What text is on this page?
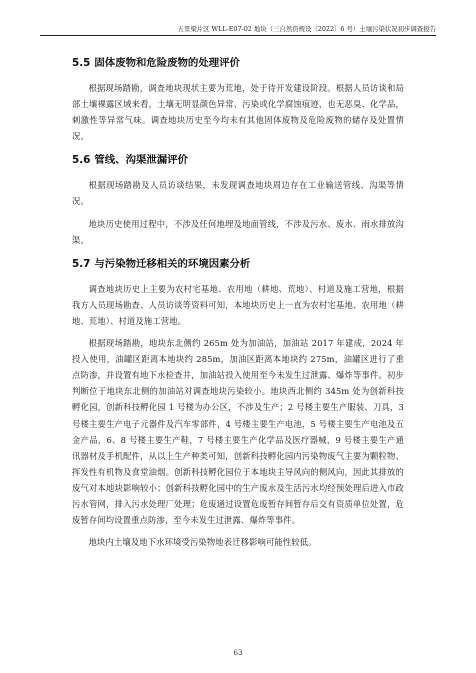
五里梁片区 WLL-E07-02 地块（三自然资规设〔2022〕6 号）土壤污染状况初步调查报告
5.5 固体废物和危险废物的处理评价

根据现场踏勘，调查地块现状主要为荒地，处于待开发建设阶段。根据人员访谈和局部土壤裸露区域来看，土壤无明显颜色异常、污染或化学腐蚀痕迹，也无恶臭、化学品，刺激性等异常气味。调查地块历史至今均未有其他固体废物及危险废物的储存及处置情况。

5.6 管线、沟渠泄漏评价

根据现场踏勘及人员访谈结果，未发现调查地块周边存在工业输送管线、沟渠等情况。

地块历史使用过程中，不涉及任何地埋及地面管线，不涉及污水、废水、雨水排放沟渠。

5.7 与污染物迁移相关的环境因素分析

调查地块历史上主要为农村宅基地、农用地（耕地、荒地）、村道及施工营地，根据我方人员现场勘查、人员访谈等资料可知，本地块历史上一直为农村宅基地、农用地（耕地、荒地）、村道及施工营地。

根据现场踏勘，地块东北侧约 265m 处为加油站，加油站 2017 年建成，2024 年投入使用，油罐区距离本地块约 285m，加油区距离本地块约 275m，油罐区进行了重点防渗，并设置有地下水检查井，加油站投入使用至今未发生过泄露、爆炸等事件。初步判断位于地块东北侧的加油站对调查地块污染较小。地块西北侧约 345m 处为创新科技孵化园，创新科技孵化园 1 号楼为办公区，不涉及生产；2 号楼主要生产服装、刀具，3 号楼主要生产电子元器件及汽车零部件，4 号楼主要生产电池，5 号楼主要生产电池及五金产品，6、8 号楼主要生产鞋，7 号楼主要生产化学品及医疗器械，9 号楼主要生产通讯器材及手机配件，从以上生产种类可知，创新科技孵化园内污染物废气主要为颗粒物、挥发性有机物及食堂油烟。创新科技孵化园位于本地块主导风向的侧风向，因此其排放的废气对本地块影响较小；创新科技孵化园中的生产废水及生活污水均经预处理后进入市政污水管网，排入污水处理厂处理；危废通过设置危废暂存间暂存后交有资质单位处置，危废暂存间均设置重点防渗，至今未发生过泄露、爆炸等事件。

地块内土壤及地下水环境受污染物地表迁移影响可能性较低。

63
